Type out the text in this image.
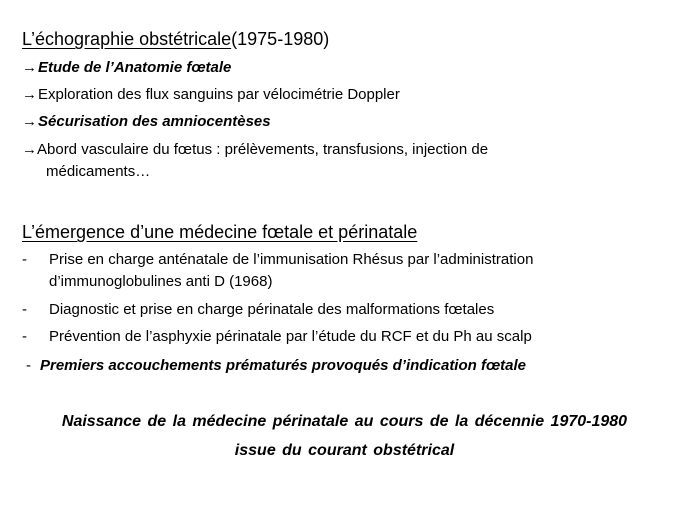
L’échographie obstétricale(1975-1980)
→Etude de l’Anatomie fœtale
→Exploration des flux sanguins par vélocimétrie Doppler
→Sécurisation des amniocentèses
→Abord vasculaire du fœtus : prélèvements, transfusions, injection de
médicaments…
L’émergence d’une médecine fœtale et périnatale
- Prise en charge anténatale de l’immunisation Rhésus par l’administration
d’immunoglobulines anti D (1968)
- Diagnostic et prise en charge périnatale des malformations fœtales
- Prévention de l’asphyxie périnatale par l’étude du RCF et du Ph au scalp
- Premiers accouchements prématurés provoqués d’indication fœtale
Naissance de la médecine périnatale au cours de la décennie 1970-1980
issue du courant obstétrical
